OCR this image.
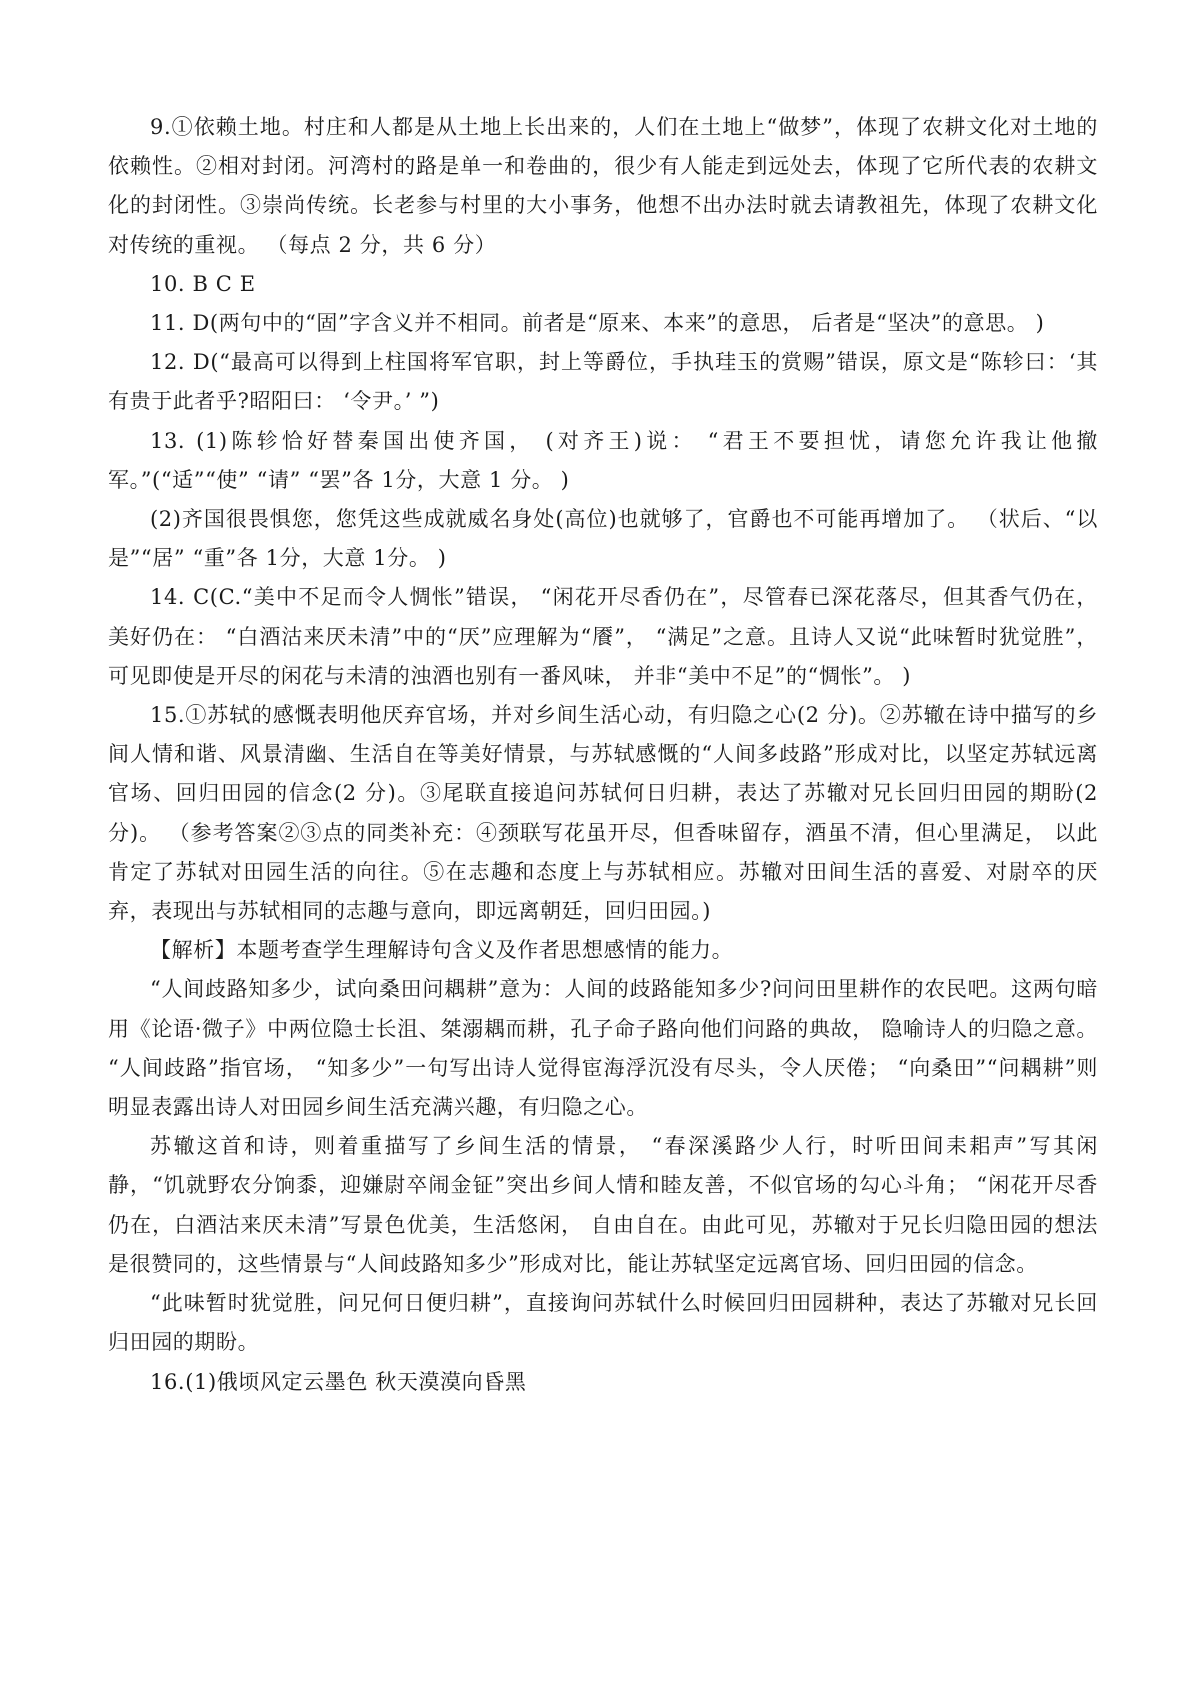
9.①依赖土地。村庄和人都是从土地上长出来的，人们在土地上“做梦”，体现了农耕文化对土地的依赖性。②相对封闭。河湾村的路是单一和卷曲的，很少有人能走到远处去，体现了它所代表的农耕文化的封闭性。③崇尚传统。长老参与村里的大小事务，他想不出办法时就去请教祖先，体现了农耕文化对传统的重视。 （每点 2 分，共 6 分）

10. B C E

11. D(两句中的“固”字含义并不相同。前者是“原来、本来”的意思， 后者是“坚决”的意思。 )

12. D(“最高可以得到上柱国将军官职，封上等爵位，手执珪玉的赏赐”错误，原文是“陈轸曰：‘其有贵于此者乎?昭阳曰： ‘令尹。’ ”)

13. (1)陈轸恰好替秦国出使齐国， (对齐王)说： “君王不要担忧，请您允许我让他撤军。”(“适”“使” “请” “罢”各 1分，大意 1 分。 )

(2)齐国很畏惧您，您凭这些成就威名身处(高位)也就够了，官爵也不可能再增加了。 （状后、“以是”“居” “重”各 1分，大意 1分。 )

14. C(C.“美中不足而令人惆怅”错误， “闲花开尽香仍在”，尽管春已深花落尽，但其香气仍在， 美好仍在： “白酒沽来厌未清”中的“厌”应理解为“餍”， “满足”之意。且诗人又说“此味暂时犹觉胜”，可见即使是开尽的闲花与未清的浊酒也别有一番风味， 并非“美中不足”的“惆怅”。 )

15.①苏轼的感慨表明他厌弃官场，并对乡间生活心动，有归隐之心(2 分)。②苏辙在诗中描写的乡间人情和谐、风景清幽、生活自在等美好情景，与苏轼感慨的“人间多歧路”形成对比，以坚定苏轼远离官场、回归田园的信念(2 分)。③尾联直接追问苏轼何日归耕，表达了苏辙对兄长回归田园的期盼(2分)。 （参考答案②③点的同类补充：④颈联写花虽开尽，但香味留存，酒虽不清，但心里满足， 以此肯定了苏轼对田园生活的向往。⑤在志趣和态度上与苏轼相应。苏辙对田间生活的喜爱、对尉卒的厌弃，表现出与苏轼相同的志趣与意向，即远离朝廷，回归田园。)

【解析】本题考查学生理解诗句含义及作者思想感情的能力。

“人间歧路知多少，试向桑田问耦耕”意为：人间的歧路能知多少?问问田里耕作的农民吧。这两句暗用《论语·微子》中两位隐士长沮、桀溺耦而耕，孔子命子路向他们问路的典故， 隐喻诗人的归隐之意。 “人间歧路”指官场， “知多少”一句写出诗人觉得宦海浮沉没有尽头，令人厌倦； “向桑田”“问耦耕”则明显表露出诗人对田园乡间生活充满兴趣，有归隐之心。

苏辙这首和诗，则着重描写了乡间生活的情景， “春深溪路少人行，时听田间耒耜声”写其闲静，“饥就野农分饷黍，迎嫌尉卒闹金钲”突出乡间人情和睦友善，不似官场的勾心斗角； “闲花开尽香仍在，白酒沽来厌未清”写景色优美，生活悠闲， 自由自在。由此可见，苏辙对于兄长归隐田园的想法是很赞同的，这些情景与“人间歧路知多少”形成对比，能让苏轼坚定远离官场、回归田园的信念。

“此味暂时犹觉胜，问兄何日便归耕”，直接询问苏轼什么时候回归田园耕种，表达了苏辙对兄长回归田园的期盼。

16.(1)俄顷风定云墨色 秋天漠漠向昏黑
